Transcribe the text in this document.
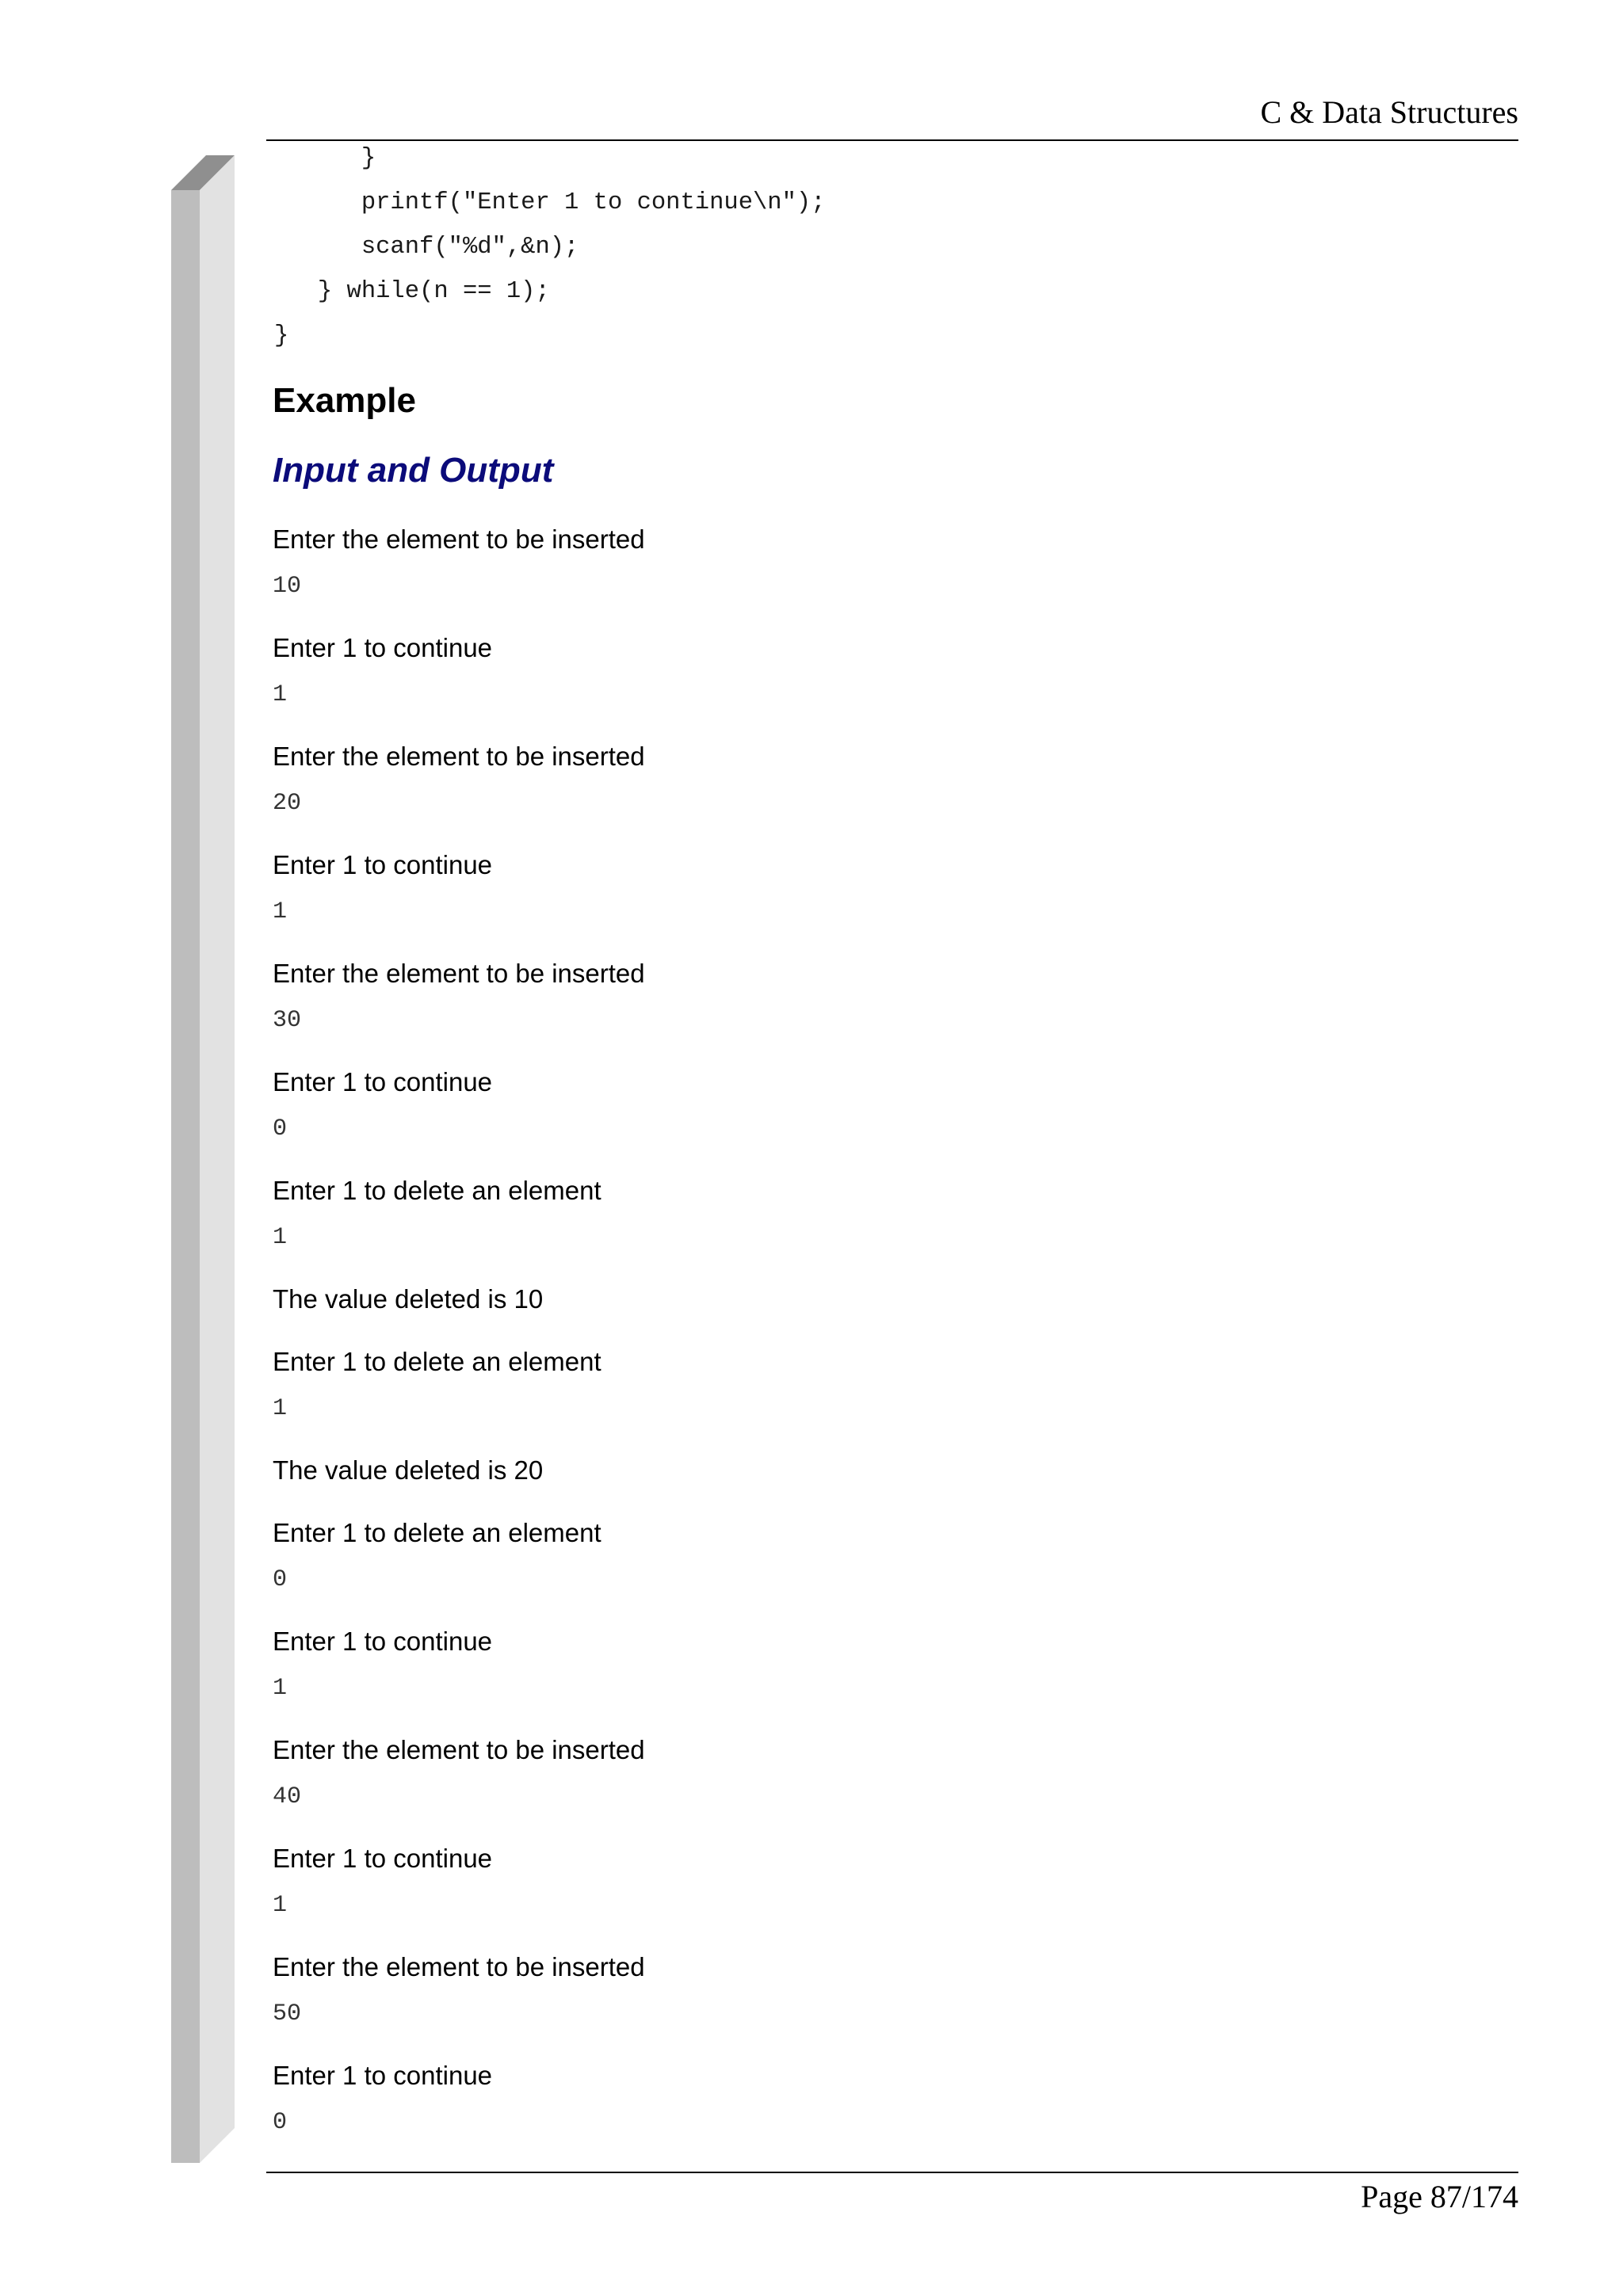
C & Data Structures
}
printf("Enter 1 to continue\n");
scanf("%d",&n);
} while(n == 1);
}
Example
Input and Output
Enter the element to be inserted
10
Enter 1 to continue
1
Enter the element to be inserted
20
Enter 1 to continue
1
Enter the element to be inserted
30
Enter 1 to continue
0
Enter 1 to delete an element
1
The value deleted is 10
Enter 1 to delete an element
1
The value deleted is 20
Enter 1 to delete an element
0
Enter 1 to continue
1
Enter the element to be inserted
40
Enter 1 to continue
1
Enter the element to be inserted
50
Enter 1 to continue
0
Page 87/174
